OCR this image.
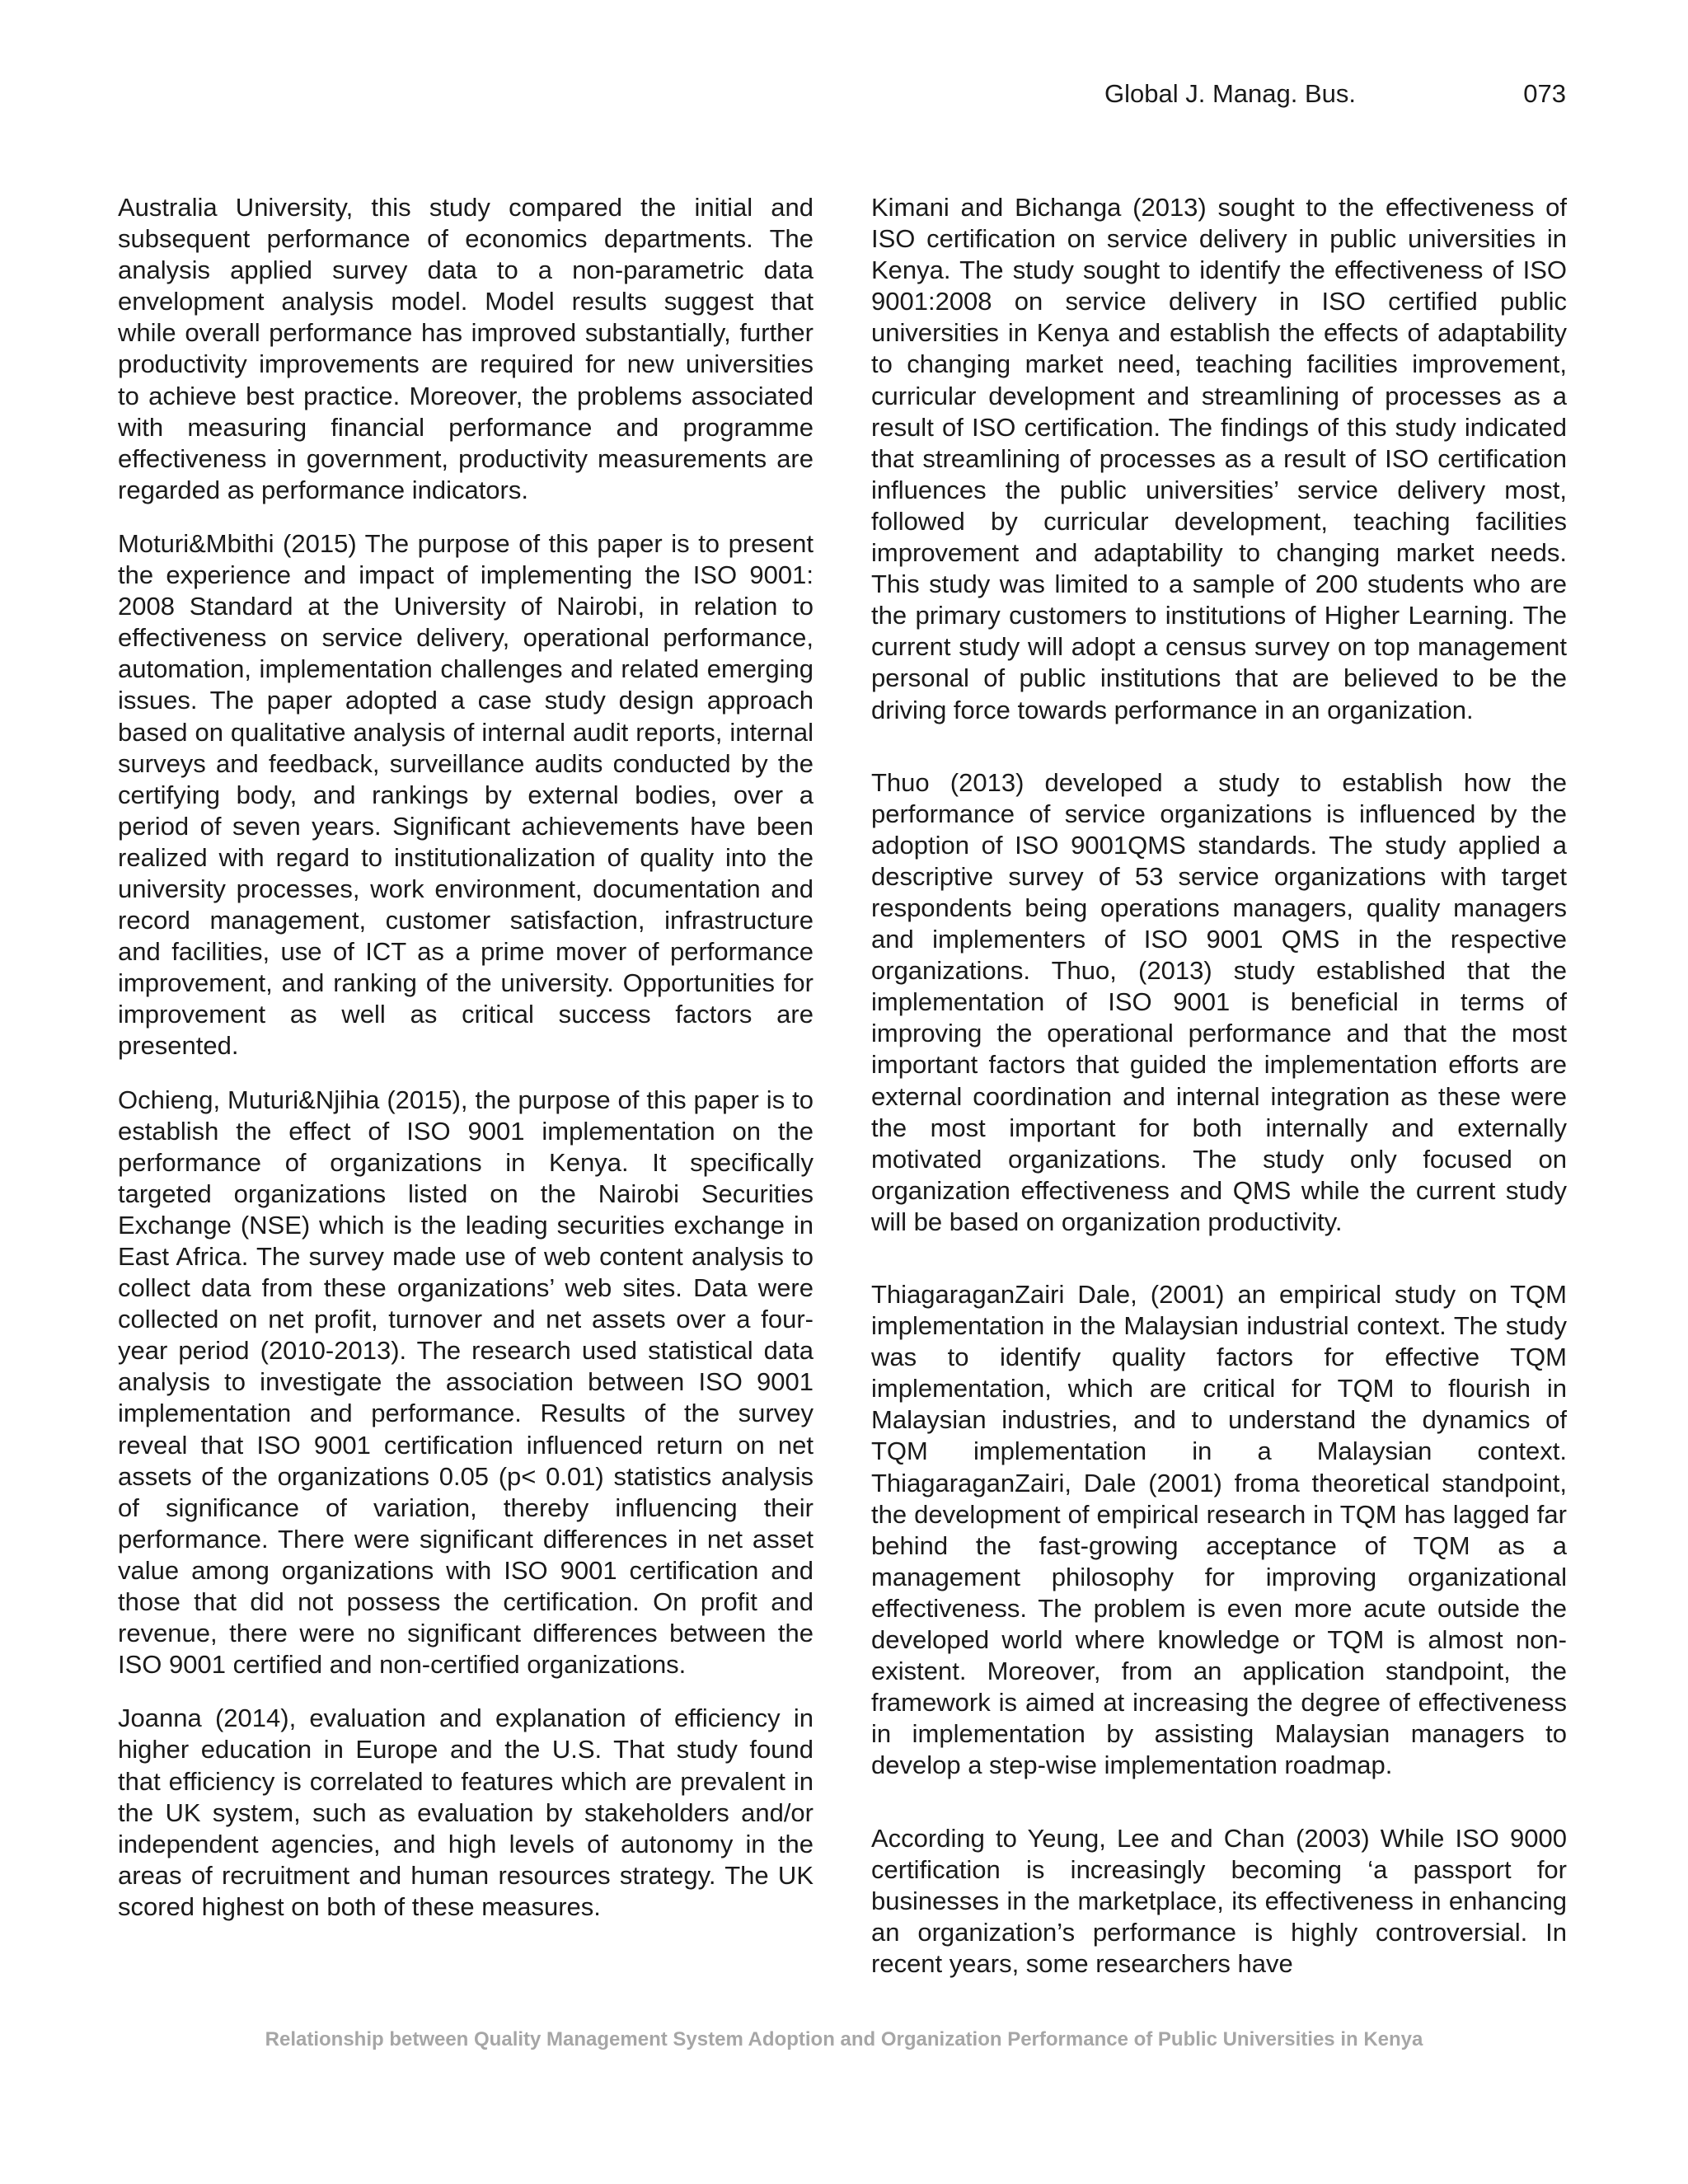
Global J. Manag. Bus.	073

Australia University, this study compared the initial and subsequent performance of economics departments. The analysis applied survey data to a non-parametric data envelopment analysis model. Model results suggest that while overall performance has improved substantially, further productivity improvements are required for new universities to achieve best practice. Moreover, the problems associated with measuring financial performance and programme effectiveness in government, productivity measurements are regarded as performance indicators.

Moturi&Mbithi (2015) The purpose of this paper is to present the experience and impact of implementing the ISO 9001: 2008 Standard at the University of Nairobi, in relation to effectiveness on service delivery, operational performance, automation, implementation challenges and related emerging issues. The paper adopted a case study design approach based on qualitative analysis of internal audit reports, internal surveys and feedback, surveillance audits conducted by the certifying body, and rankings by external bodies, over a period of seven years. Significant achievements have been realized with regard to institutionalization of quality into the university processes, work environment, documentation and record management, customer satisfaction, infrastructure and facilities, use of ICT as a prime mover of performance improvement, and ranking of the university. Opportunities for improvement as well as critical success factors are presented.

Ochieng, Muturi&Njihia (2015), the purpose of this paper is to establish the effect of ISO 9001 implementation on the performance of organizations in Kenya. It specifically targeted organizations listed on the Nairobi Securities Exchange (NSE) which is the leading securities exchange in East Africa. The survey made use of web content analysis to collect data from these organizations’ web sites. Data were collected on net profit, turnover and net assets over a four-year period (2010-2013). The research used statistical data analysis to investigate the association between ISO 9001 implementation and performance. Results of the survey reveal that ISO 9001 certification influenced return on net assets of the organizations 0.05 (p< 0.01) statistics analysis of significance of variation, thereby influencing their performance. There were significant differences in net asset value among organizations with ISO 9001 certification and those that did not possess the certification. On profit and revenue, there were no significant differences between the ISO 9001 certified and non-certified organizations.

Joanna (2014), evaluation and explanation of efficiency in higher education in Europe and the U.S. That study found that efficiency is correlated to features which are prevalent in the UK system, such as evaluation by stakeholders and/or independent agencies, and high levels of autonomy in the areas of recruitment and human resources strategy. The UK scored highest on both of these measures.

Kimani and Bichanga (2013) sought to the effectiveness of ISO certification on service delivery in public universities in Kenya. The study sought to identify the effectiveness of ISO 9001:2008 on service delivery in ISO certified public universities in Kenya and establish the effects of adaptability to changing market need, teaching facilities improvement, curricular development and streamlining of processes as a result of ISO certification. The findings of this study indicated that streamlining of processes as a result of ISO certification influences the public universities’ service delivery most, followed by curricular development, teaching facilities improvement and adaptability to changing market needs. This study was limited to a sample of 200 students who are the primary customers to institutions of Higher Learning. The current study will adopt a census survey on top management personal of public institutions that are believed to be the driving force towards performance in an organization.

Thuo (2013) developed a study to establish how the performance of service organizations is influenced by the adoption of ISO 9001QMS standards. The study applied a descriptive survey of 53 service organizations with target respondents being operations managers, quality managers and implementers of ISO 9001 QMS in the respective organizations. Thuo, (2013) study established that the implementation of ISO 9001 is beneficial in terms of improving the operational performance and that the most important factors that guided the implementation efforts are external coordination and internal integration as these were the most important for both internally and externally motivated organizations. The study only focused on organization effectiveness and QMS while the current study will be based on organization productivity.

ThiagaraganZairi Dale, (2001) an empirical study on TQM implementation in the Malaysian industrial context. The study was to identify quality factors for effective TQM implementation, which are critical for TQM to flourish in Malaysian industries, and to understand the dynamics of TQM implementation in a Malaysian context. ThiagaraganZairi, Dale (2001) froma theoretical standpoint, the development of empirical research in TQM has lagged far behind the fast-growing acceptance of TQM as a management philosophy for improving organizational effectiveness. The problem is even more acute outside the developed world where knowledge or TQM is almost non-existent. Moreover, from an application standpoint, the framework is aimed at increasing the degree of effectiveness in implementation by assisting Malaysian managers to develop a step-wise implementation roadmap.

According to Yeung, Lee and Chan (2003) While ISO 9000 certification is increasingly becoming ‘a passport for businesses in the marketplace, its effectiveness in enhancing an organization’s performance is highly controversial. In recent years, some researchers have

Relationship between Quality Management System Adoption and Organization Performance of Public Universities in Kenya
